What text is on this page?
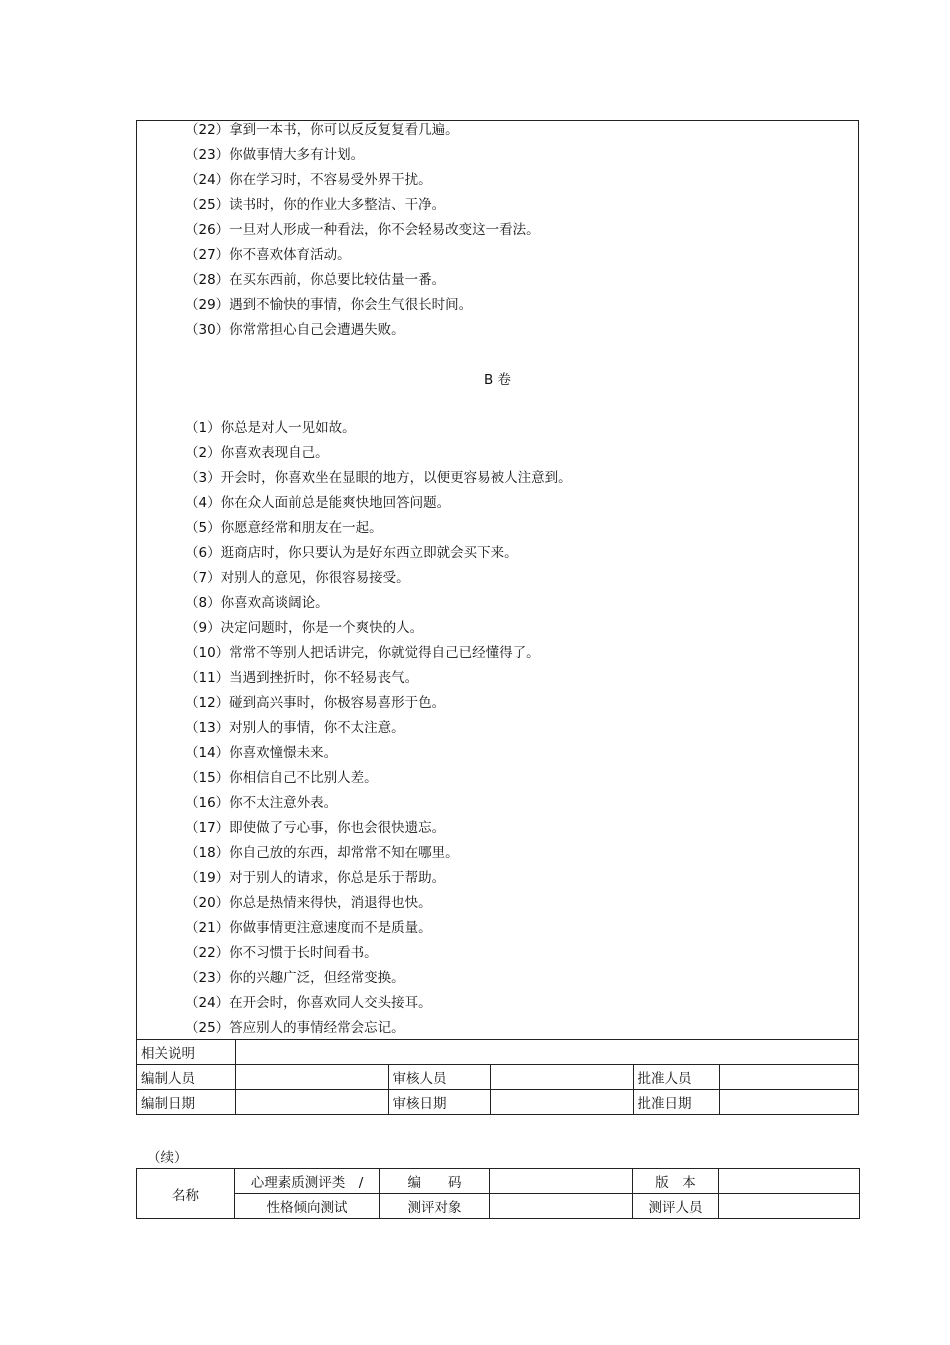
（22）拿到一本书，你可以反反复复看几遍。
（23）你做事情大多有计划。
（24）你在学习时，不容易受外界干扰。
（25）读书时，你的作业大多整洁、干净。
（26）一旦对人形成一种看法，你不会轻易改变这一看法。
（27）你不喜欢体育活动。
（28）在买东西前，你总要比较估量一番。
（29）遇到不愉快的事情，你会生气很长时间。
（30）你常常担心自己会遭遇失败。
B 卷
（1）你总是对人一见如故。
（2）你喜欢表现自己。
（3）开会时，你喜欢坐在显眼的地方，以便更容易被人注意到。
（4）你在众人面前总是能爽快地回答问题。
（5）你愿意经常和朋友在一起。
（6）逛商店时，你只要认为是好东西立即就会买下来。
（7）对别人的意见，你很容易接受。
（8）你喜欢高谈阔论。
（9）决定问题时，你是一个爽快的人。
（10）常常不等别人把话讲完，你就觉得自己已经懂得了。
（11）当遇到挫折时，你不轻易丧气。
（12）碰到高兴事时，你极容易喜形于色。
（13）对别人的事情，你不太注意。
（14）你喜欢憧憬未来。
（15）你相信自己不比别人差。
（16）你不太注意外表。
（17）即使做了亏心事，你也会很快遗忘。
（18）你自己放的东西，却常常不知在哪里。
（19）对于别人的请求，你总是乐于帮助。
（20）你总是热情来得快，消退得也快。
（21）你做事情更注意速度而不是质量。
（22）你不习惯于长时间看书。
（23）你的兴趣广泛，但经常变换。
（24）在开会时，你喜欢同人交头接耳。
（25）答应别人的事情经常会忘记。
相关说明					
编制人员		审核人员		批准人员	
编制日期		审核日期		批准日期	
（续）
名称	心理素质测评类　/	编　　码		版　本	
	性格倾向测试	测评对象		测评人员	
